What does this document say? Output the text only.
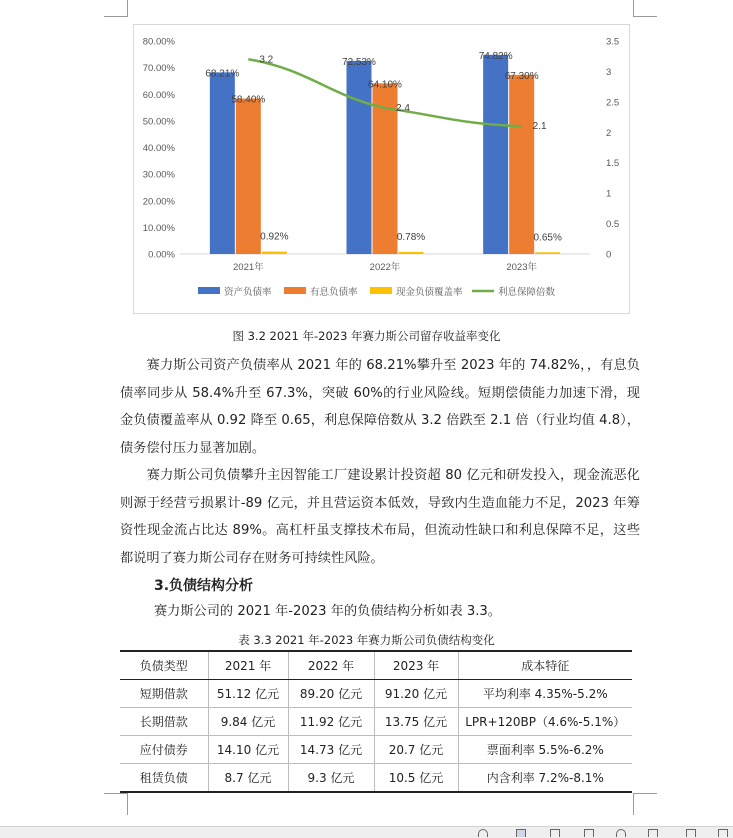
0.00%
10.00%
20.00%
30.00%
40.00%
50.00%
60.00%
70.00%
80.00%
0
0.5
1
1.5
2
2.5
3
3.5
2021年	2022年	2023年
68.21%
72.53%
74.82%
58.40%
64.10%
67.30%
0.92%	0.78%	0.65%
3.2
2.4
2.1
资产负债率	有息负债率	现金负债覆盖率	利息保障倍数
图 3.2 2021 年-2023 年赛力斯公司留存收益率变化

　　赛力斯公司资产负债率从 2021 年的 68.21%攀升至 2023 年的 74.82%，，有息负债率同步从 58.4%升至 67.3%，突破 60%的行业风险线。短期偿债能力加速下滑，现金负债覆盖率从 0.92 降至 0.65，利息保障倍数从 3.2 倍跌至 2.1 倍（行业均值 4.8），债务偿付压力显著加剧。

　　赛力斯公司负债攀升主因智能工厂建设累计投资超 80 亿元和研发投入，现金流恶化则源于经营亏损累计-89 亿元，并且营运资本低效，导致内生造血能力不足，2023 年筹资性现金流占比达 89%。高杠杆虽支撑技术布局，但流动性缺口和利息保障不足，这些都说明了赛力斯公司存在财务可持续性风险。

3.负债结构分析
赛力斯公司的 2021 年-2023 年的负债结构分析如表 3.3。
表 3.3 2021 年-2023 年赛力斯公司负债结构变化
负债类型	2021 年	2022 年	2023 年	成本特征
短期借款	51.12 亿元	89.20 亿元	91.20 亿元	平均利率 4.35%-5.2%
长期借款	9.84 亿元	11.92 亿元	13.75 亿元	LPR+120BP（4.6%-5.1%）
应付债券	14.10 亿元	14.73 亿元	20.7 亿元	票面利率 5.5%-6.2%
租赁负债	8.7 亿元	9.3 亿元	10.5 亿元	内含利率 7.2%-8.1%
